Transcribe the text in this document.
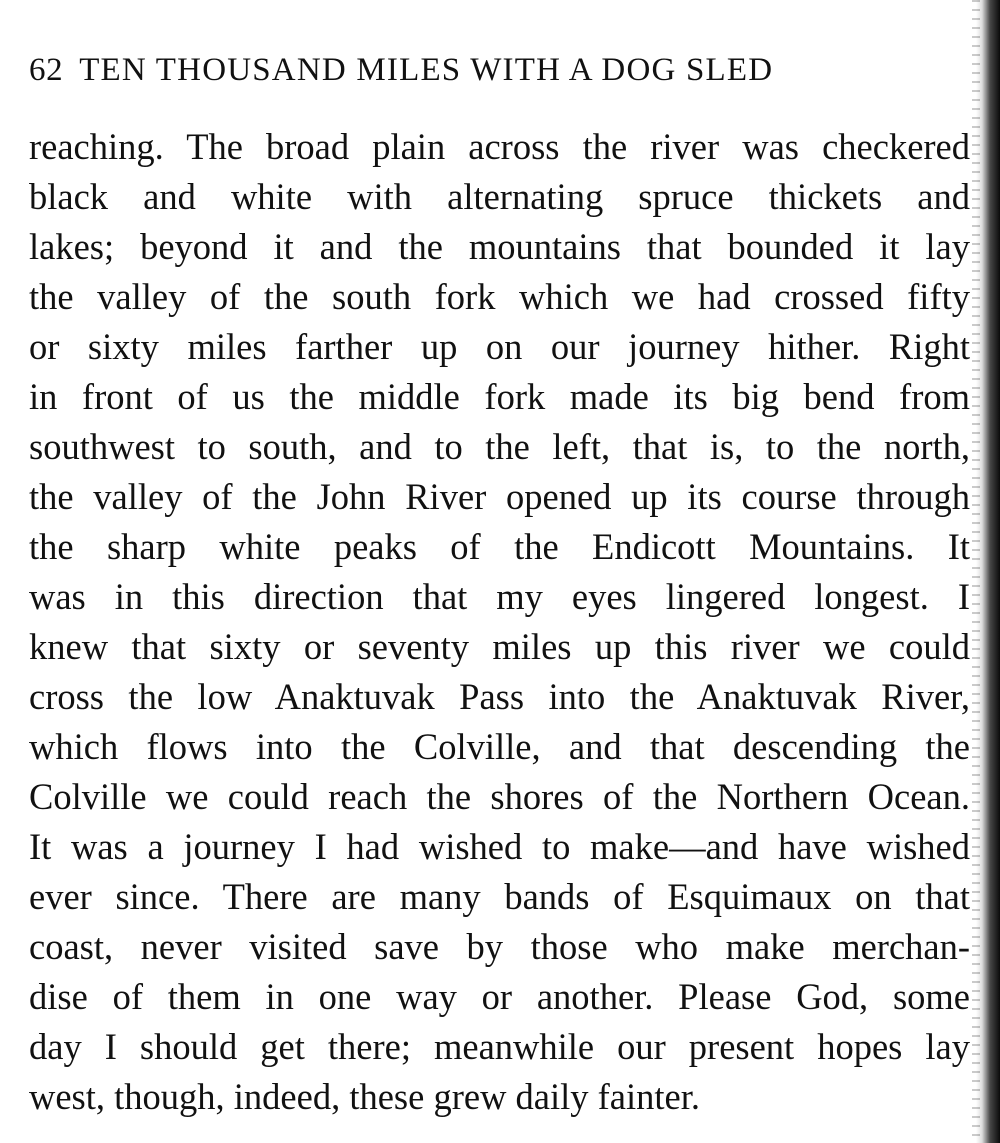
62 TEN THOUSAND MILES WITH A DOG SLED
reaching. The broad plain across the river was checkered
black and white with alternating spruce thickets and
lakes; beyond it and the mountains that bounded it lay
the valley of the south fork which we had crossed fifty
or sixty miles farther up on our journey hither. Right
in front of us the middle fork made its big bend from
southwest to south, and to the left, that is, to the north,
the valley of the John River opened up its course through
the sharp white peaks of the Endicott Mountains. It
was in this direction that my eyes lingered longest. I
knew that sixty or seventy miles up this river we could
cross the low Anaktuvak Pass into the Anaktuvak River,
which flows into the Colville, and that descending the
Colville we could reach the shores of the Northern Ocean.
It was a journey I had wished to make—and have wished
ever since. There are many bands of Esquimaux on that
coast, never visited save by those who make merchan-
dise of them in one way or another. Please God, some
day I should get there; meanwhile our present hopes lay
west, though, indeed, these grew daily fainter.
